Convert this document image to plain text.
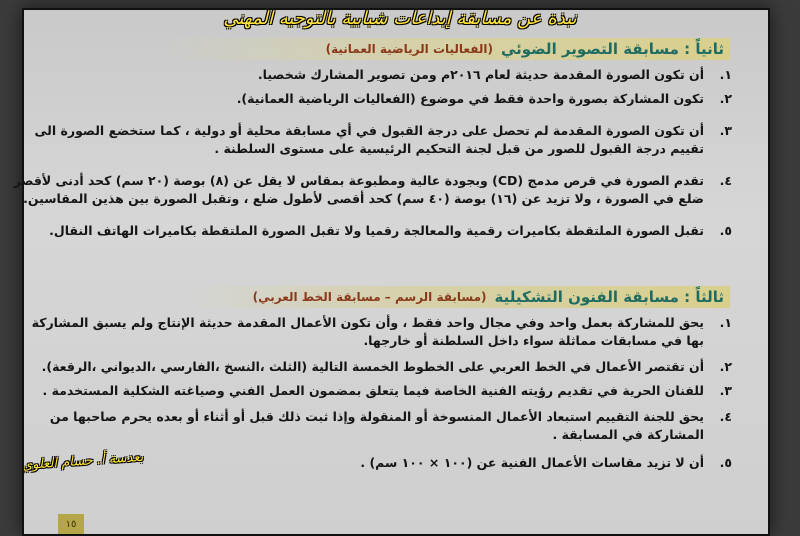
نبذة عن مسابقة إبداعات شبابية بالتوجيه المهني
ثانياً : مسابقة التصوير الضوئي
(الفعاليات الرياضية العمانية)
١.
أن تكون الصورة المقدمة حديثة لعام ٢٠١٦م ومن تصوير المشارك شخصيا.
٢.
تكون المشاركة بصورة واحدة فقط في موضوع (الفعاليات الرياضية العمانية).
٣.
أن تكون الصورة المقدمة لم تحصل على درجة القبول في أي مسابقة محلية أو دولية ، كما ستخضع الصورة الى
تقييم درجة القبول للصور من قبل لجنة التحكيم الرئيسية على مستوى السلطنة .
٤.
تقدم الصورة في قرص مدمج (CD) وبجودة عالية ومطبوعة بمقاس لا يقل عن (٨) بوصة (٢٠ سم) كحد أدنى لأقصر
ضلع في الصورة ، ولا تزيد عن (١٦) بوصة (٤٠ سم) كحد أقصى لأطول ضلع ، وتقبل الصورة بين هذين المقاسين.
٥.
تقبل الصورة الملتقطة بكاميرات رقمية والمعالجة رقميا ولا تقبل الصورة الملتقطة بكاميرات الهاتف النقال.
ثالثاً : مسابقة الفنون التشكيلية
(مسابقة الرسم – مسابقة الخط العربي)
١.
يحق للمشاركة بعمل واحد وفي مجال واحد فقط ، وأن تكون الأعمال المقدمة حديثة الإنتاج ولم يسبق المشاركة
بها في مسابقات مماثلة سواء داخل السلطنة أو خارجها.
٢.
أن تقتصر الأعمال في الخط العربي على الخطوط الخمسة التالية (الثلث ،النسخ ،الفارسي ،الديواني ،الرقعة).
٣.
للفنان الحرية في تقديم رؤيته الفنية الخاصة فيما يتعلق بمضمون العمل الفني وصياغته الشكلية المستخدمة .
٤.
يحق للجنة التقييم استبعاد الأعمال المنسوخة أو المنقولة وإذا ثبت ذلك قبل أو أثناء أو بعده يحرم صاحبها من
المشاركة في المسابقة .
٥.
أن لا تزيد مقاسات الأعمال الفنية عن (١٠٠ × ١٠٠ سم) .
بعدسة أ. حسام العلوي
١٥
